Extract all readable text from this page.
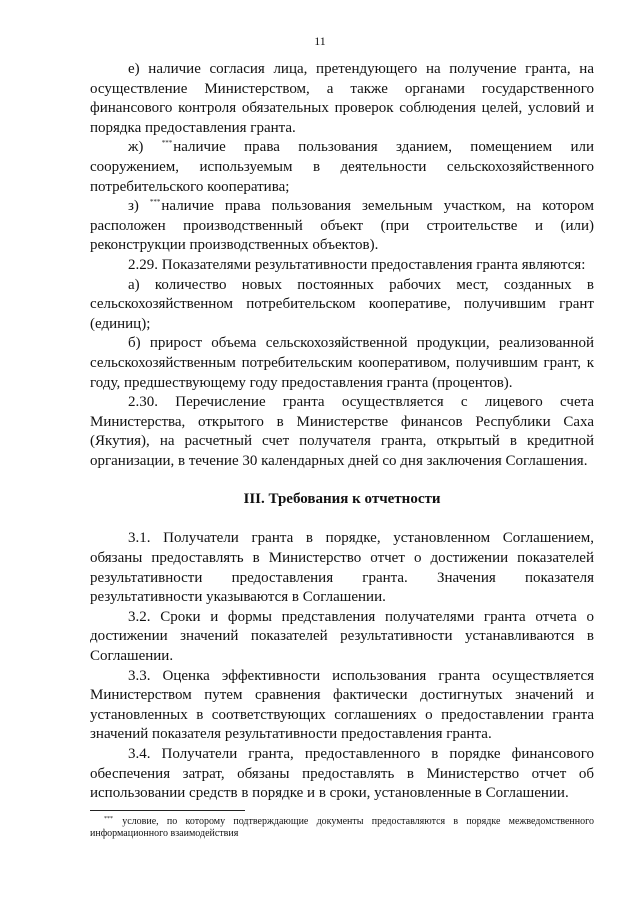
11

е) наличие согласия лица, претендующего на получение гранта, на осуществление Министерством, а также органами государственного финансового контроля обязательных проверок соблюдения целей, условий и порядка предоставления гранта.

ж) ***наличие права пользования зданием, помещением или сооружением, используемым в деятельности сельскохозяйственного потребительского кооператива;

з) ***наличие права пользования земельным участком, на котором расположен производственный объект (при строительстве и (или) реконструкции производственных объектов).

2.29. Показателями результативности предоставления гранта являются:

а) количество новых постоянных рабочих мест, созданных в сельскохозяйственном потребительском кооперативе, получившим грант (единиц);

б) прирост объема сельскохозяйственной продукции, реализованной сельскохозяйственным потребительским кооперативом, получившим грант, к году, предшествующему году предоставления гранта (процентов).

2.30. Перечисление гранта осуществляется с лицевого счета Министерства, открытого в Министерстве финансов Республики Саха (Якутия), на расчетный счет получателя гранта, открытый в кредитной организации, в течение 30 календарных дней со дня заключения Соглашения.

III. Требования к отчетности

3.1. Получатели гранта в порядке, установленном Соглашением, обязаны предоставлять в Министерство отчет о достижении показателей результативности предоставления гранта. Значения показателя результативности указываются в Соглашении.

3.2. Сроки и формы представления получателями гранта отчета о достижении значений показателей результативности устанавливаются в Соглашении.

3.3. Оценка эффективности использования гранта осуществляется Министерством путем сравнения фактически достигнутых значений и установленных в соответствующих соглашениях о предоставлении гранта значений показателя результативности предоставления гранта.

3.4. Получатели гранта, предоставленного в порядке финансового обеспечения затрат, обязаны предоставлять в Министерство отчет об использовании средств в порядке и в сроки, установленные в Соглашении.

*** условие, по которому подтверждающие документы предоставляются в порядке межведомственного информационного взаимодействия
